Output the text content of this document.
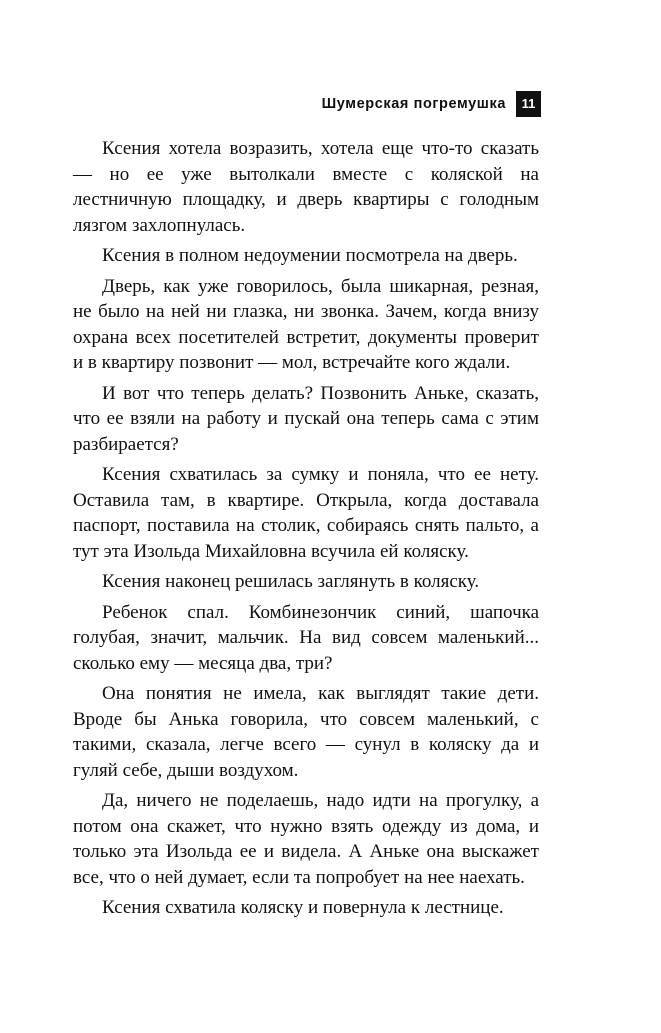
Шумерская погремушка	11

Ксения хотела возразить, хотела еще что-то сказать — но ее уже вытолкали вместе с коляской на лестничную площадку, и дверь квартиры с голодным лязгом захлопнулась.

Ксения в полном недоумении посмотрела на дверь.

Дверь, как уже говорилось, была шикарная, резная, не было на ней ни глазка, ни звонка. Зачем, когда внизу охрана всех посетителей встретит, документы проверит и в квартиру позвонит — мол, встречайте кого ждали.

И вот что теперь делать? Позвонить Аньке, сказать, что ее взяли на работу и пускай она теперь сама с этим разбирается?

Ксения схватилась за сумку и поняла, что ее нету. Оставила там, в квартире. Открыла, когда доставала паспорт, поставила на столик, собираясь снять пальто, а тут эта Изольда Михайловна всучила ей коляску.

Ксения наконец решилась заглянуть в коляску.

Ребенок спал. Комбинезончик синий, шапочка голубая, значит, мальчик. На вид совсем маленький... сколько ему — месяца два, три?

Она понятия не имела, как выглядят такие дети. Вроде бы Анька говорила, что совсем маленький, с такими, сказала, легче всего — сунул в коляску да и гуляй себе, дыши воздухом.

Да, ничего не поделаешь, надо идти на прогулку, а потом она скажет, что нужно взять одежду из дома, и только эта Изольда ее и видела. А Аньке она выскажет все, что о ней думает, если та попробует на нее наехать.

Ксения схватила коляску и повернула к лестнице.
